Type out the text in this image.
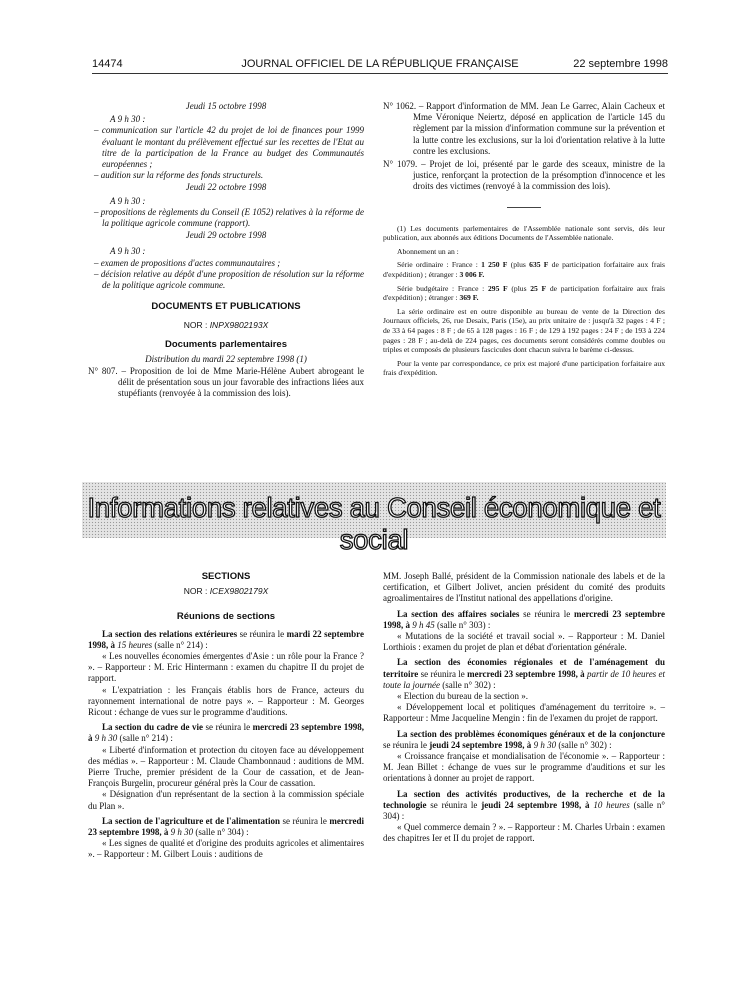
14474	JOURNAL OFFICIEL DE LA RÉPUBLIQUE FRANÇAISE	22 septembre 1998

Jeudi 15 octobre 1998

A 9 h 30 :

– communication sur l'article 42 du projet de loi de finances pour 1999 évaluant le montant du prélèvement effectué sur les recettes de l'Etat au titre de la participation de la France au budget des Communautés européennes ;

– audition sur la réforme des fonds structurels.

Jeudi 22 octobre 1998

A 9 h 30 :

– propositions de règlements du Conseil (E 1052) relatives à la réforme de la politique agricole commune (rapport).

Jeudi 29 octobre 1998

A 9 h 30 :

– examen de propositions d'actes communautaires ;

– décision relative au dépôt d'une proposition de résolution sur la réforme de la politique agricole commune.

DOCUMENTS ET PUBLICATIONS

NOR : INPX9802193X

Documents parlementaires

Distribution du mardi 22 septembre 1998 (1)

N° 807. – Proposition de loi de Mme Marie-Hélène Aubert abrogeant le délit de présentation sous un jour favorable des infractions liées aux stupéfiants (renvoyée à la commission des lois).

N° 1062. – Rapport d'information de MM. Jean Le Garrec, Alain Cacheux et Mme Véronique Neiertz, déposé en application de l'article 145 du règlement par la mission d'information commune sur la prévention et la lutte contre les exclusions, sur la loi d'orientation relative à la lutte contre les exclusions.

N° 1079. – Projet de loi, présenté par le garde des sceaux, ministre de la justice, renforçant la protection de la présomption d'innocence et les droits des victimes (renvoyé à la commission des lois).

(1) Les documents parlementaires de l'Assemblée nationale sont servis, dès leur publication, aux abonnés aux éditions Documents de l'Assemblée nationale.

Abonnement un an :

Série ordinaire : France : 1 250 F (plus 635 F de participation forfaitaire aux frais d'expédition) ; étranger : 3 006 F.

Série budgétaire : France : 295 F (plus 25 F de participation forfaitaire aux frais d'expédition) ; étranger : 369 F.

La série ordinaire est en outre disponible au bureau de vente de la Direction des Journaux officiels, 26, rue Desaix, Paris (15e), au prix unitaire de : jusqu'à 32 pages : 4 F ; de 33 à 64 pages : 8 F ; de 65 à 128 pages : 16 F ; de 129 à 192 pages : 24 F ; de 193 à 224 pages : 28 F ; au-delà de 224 pages, ces documents seront considérés comme doubles ou triples et composés de plusieurs fascicules dont chacun suivra le barème ci-dessus.

Pour la vente par correspondance, ce prix est majoré d'une participation forfaitaire aux frais d'expédition.

Informations relatives au Conseil économique et social

SECTIONS

NOR : ICEX9802179X

Réunions de sections

La section des relations extérieures se réunira le mardi 22 septembre 1998, à 15 heures (salle n° 214) :

« Les nouvelles économies émergentes d'Asie : un rôle pour la France ? ». – Rapporteur : M. Eric Hintermann : examen du chapitre II du projet de rapport.

« L'expatriation : les Français établis hors de France, acteurs du rayonnement international de notre pays ». – Rapporteur : M. Georges Ricout : échange de vues sur le programme d'auditions.

La section du cadre de vie se réunira le mercredi 23 septembre 1998, à 9 h 30 (salle n° 214) :

« Liberté d'information et protection du citoyen face au développement des médias ». – Rapporteur : M. Claude Chambonnaud : auditions de MM. Pierre Truche, premier président de la Cour de cassation, et de Jean-François Burgelin, procureur général près la Cour de cassation.

« Désignation d'un représentant de la section à la commission spéciale du Plan ».

La section de l'agriculture et de l'alimentation se réunira le mercredi 23 septembre 1998, à 9 h 30 (salle n° 304) :

« Les signes de qualité et d'origine des produits agricoles et alimentaires ». – Rapporteur : M. Gilbert Louis : auditions de

MM. Joseph Ballé, président de la Commission nationale des labels et de la certification, et Gilbert Jolivet, ancien président du comité des produits agroalimentaires de l'Institut national des appellations d'origine.

La section des affaires sociales se réunira le mercredi 23 septembre 1998, à 9 h 45 (salle n° 303) :

« Mutations de la société et travail social ». – Rapporteur : M. Daniel Lorthiois : examen du projet de plan et débat d'orientation générale.

La section des économies régionales et de l'aménagement du territoire se réunira le mercredi 23 septembre 1998, à partir de 10 heures et toute la journée (salle n° 302) :

« Election du bureau de la section ».

« Développement local et politiques d'aménagement du territoire ». – Rapporteur : Mme Jacqueline Mengin : fin de l'examen du projet de rapport.

La section des problèmes économiques généraux et de la conjoncture se réunira le jeudi 24 septembre 1998, à 9 h 30 (salle n° 302) :

« Croissance française et mondialisation de l'économie ». – Rapporteur : M. Jean Billet : échange de vues sur le programme d'auditions et sur les orientations à donner au projet de rapport.

La section des activités productives, de la recherche et de la technologie se réunira le jeudi 24 septembre 1998, à 10 heures (salle n° 304) :

« Quel commerce demain ? ». – Rapporteur : M. Charles Urbain : examen des chapitres Ier et II du projet de rapport.
